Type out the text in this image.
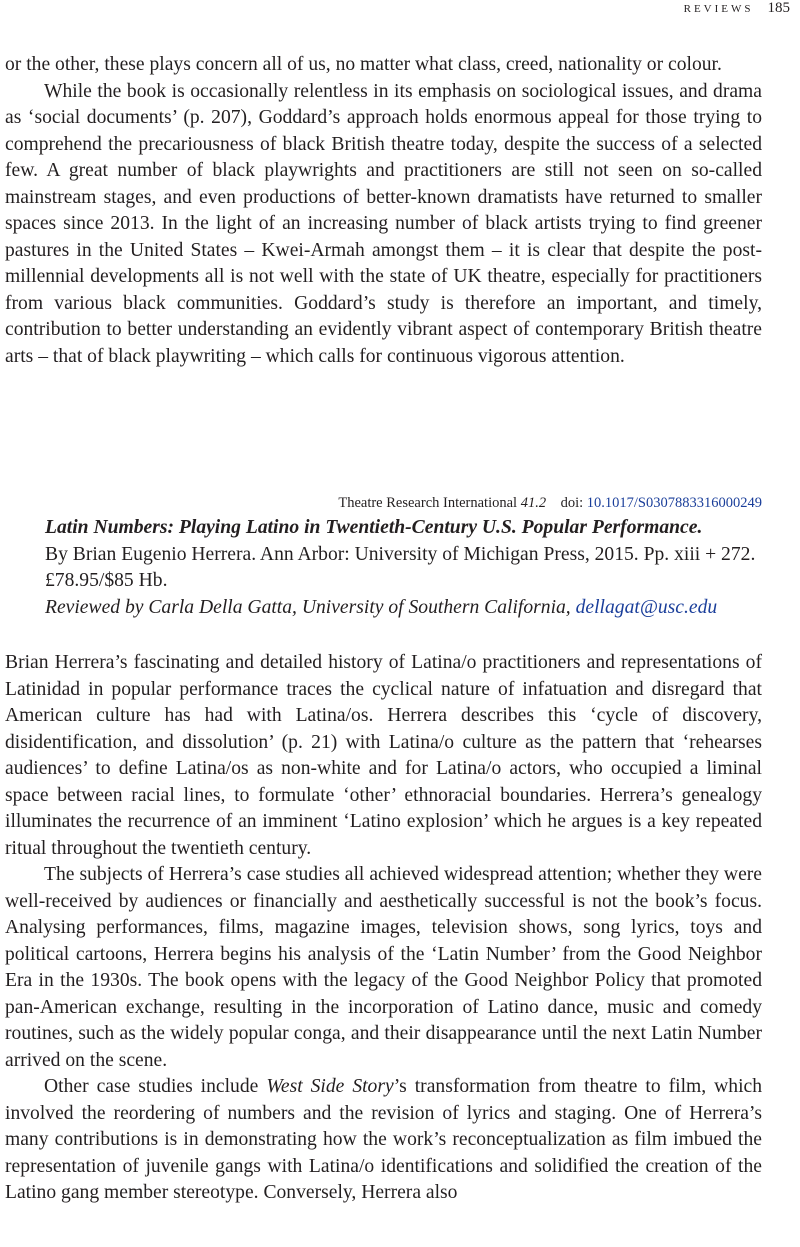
reviews 185

or the other, these plays concern all of us, no matter what class, creed, nationality or colour.

While the book is occasionally relentless in its emphasis on sociological issues, and drama as ‘social documents’ (p. 207), Goddard’s approach holds enormous appeal for those trying to comprehend the precariousness of black British theatre today, despite the success of a selected few. A great number of black playwrights and practitioners are still not seen on so-called mainstream stages, and even productions of better-known dramatists have returned to smaller spaces since 2013. In the light of an increasing number of black artists trying to find greener pastures in the United States – Kwei-Armah amongst them – it is clear that despite the post-millennial developments all is not well with the state of UK theatre, especially for practitioners from various black communities. Goddard’s study is therefore an important, and timely, contribution to better understanding an evidently vibrant aspect of contemporary British theatre arts – that of black playwriting – which calls for continuous vigorous attention.

Theatre Research International 41.2 doi: 10.1017/S0307883316000249

Latin Numbers: Playing Latino in Twentieth-Century U.S. Popular Performance.

By Brian Eugenio Herrera. Ann Arbor: University of Michigan Press, 2015. Pp. xiii + 272. £78.95/$85 Hb.

Reviewed by Carla Della Gatta, University of Southern California, dellagat@usc.edu

Brian Herrera’s fascinating and detailed history of Latina/o practitioners and representations of Latinidad in popular performance traces the cyclical nature of infatuation and disregard that American culture has had with Latina/os. Herrera describes this ‘cycle of discovery, disidentification, and dissolution’ (p. 21) with Latina/o culture as the pattern that ‘rehearses audiences’ to define Latina/os as non-white and for Latina/o actors, who occupied a liminal space between racial lines, to formulate ‘other’ ethnoracial boundaries. Herrera’s genealogy illuminates the recurrence of an imminent ‘Latino explosion’ which he argues is a key repeated ritual throughout the twentieth century.

The subjects of Herrera’s case studies all achieved widespread attention; whether they were well-received by audiences or financially and aesthetically successful is not the book’s focus. Analysing performances, films, magazine images, television shows, song lyrics, toys and political cartoons, Herrera begins his analysis of the ‘Latin Number’ from the Good Neighbor Era in the 1930s. The book opens with the legacy of the Good Neighbor Policy that promoted pan-American exchange, resulting in the incorporation of Latino dance, music and comedy routines, such as the widely popular conga, and their disappearance until the next Latin Number arrived on the scene.

Other case studies include West Side Story’s transformation from theatre to film, which involved the reordering of numbers and the revision of lyrics and staging. One of Herrera’s many contributions is in demonstrating how the work’s reconceptualization as film imbued the representation of juvenile gangs with Latina/o identifications and solidified the creation of the Latino gang member stereotype. Conversely, Herrera also
